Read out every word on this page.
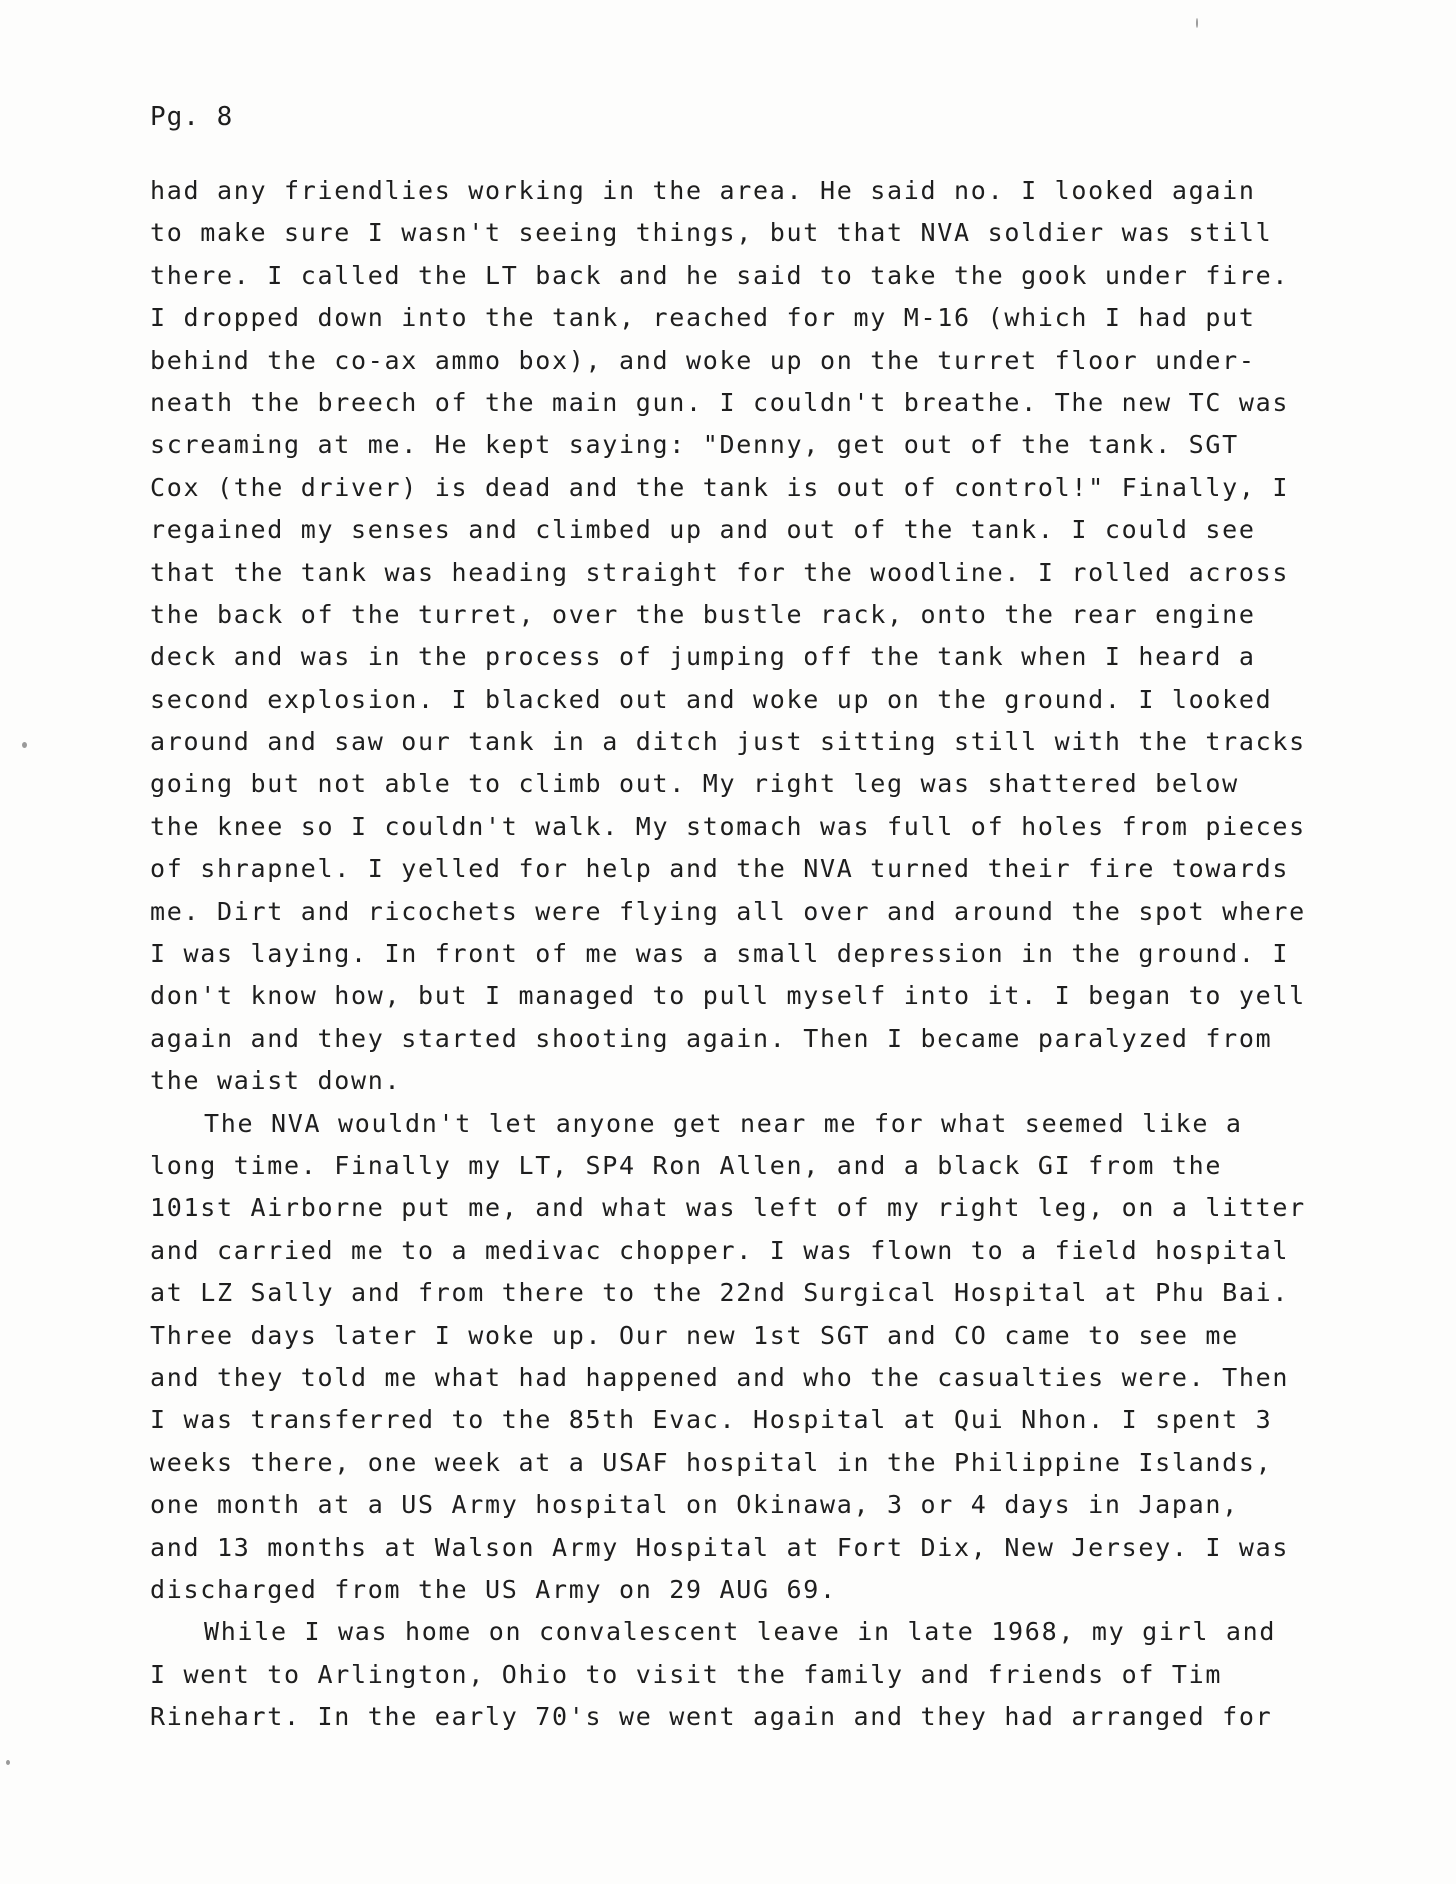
Pg. 8
had any friendlies working in the area. He said no. I looked again
to make sure I wasn't seeing things, but that NVA soldier was still
there. I called the LT back and he said to take the gook under fire.
I dropped down into the tank, reached for my M-16 (which I had put
behind the co-ax ammo box), and woke up on the turret floor under-
neath the breech of the main gun. I couldn't breathe. The new TC was
screaming at me. He kept saying: "Denny, get out of the tank. SGT
Cox (the driver) is dead and the tank is out of control!" Finally, I
regained my senses and climbed up and out of the tank. I could see
that the tank was heading straight for the woodline. I rolled across
the back of the turret, over the bustle rack, onto the rear engine
deck and was in the process of jumping off the tank when I heard a
second explosion. I blacked out and woke up on the ground. I looked
around and saw our tank in a ditch just sitting still with the tracks
going but not able to climb out. My right leg was shattered below
the knee so I couldn't walk. My stomach was full of holes from pieces
of shrapnel. I yelled for help and the NVA turned their fire towards
me. Dirt and ricochets were flying all over and around the spot where
I was laying. In front of me was a small depression in the ground. I
don't know how, but I managed to pull myself into it. I began to yell
again and they started shooting again. Then I became paralyzed from
the waist down.
The NVA wouldn't let anyone get near me for what seemed like a
long time. Finally my LT, SP4 Ron Allen, and a black GI from the
101st Airborne put me, and what was left of my right leg, on a litter
and carried me to a medivac chopper. I was flown to a field hospital
at LZ Sally and from there to the 22nd Surgical Hospital at Phu Bai.
Three days later I woke up. Our new 1st SGT and CO came to see me
and they told me what had happened and who the casualties were. Then
I was transferred to the 85th Evac. Hospital at Qui Nhon. I spent 3
weeks there, one week at a USAF hospital in the Philippine Islands,
one month at a US Army hospital on Okinawa, 3 or 4 days in Japan,
and 13 months at Walson Army Hospital at Fort Dix, New Jersey. I was
discharged from the US Army on 29 AUG 69.
While I was home on convalescent leave in late 1968, my girl and
I went to Arlington, Ohio to visit the family and friends of Tim
Rinehart. In the early 70's we went again and they had arranged for
